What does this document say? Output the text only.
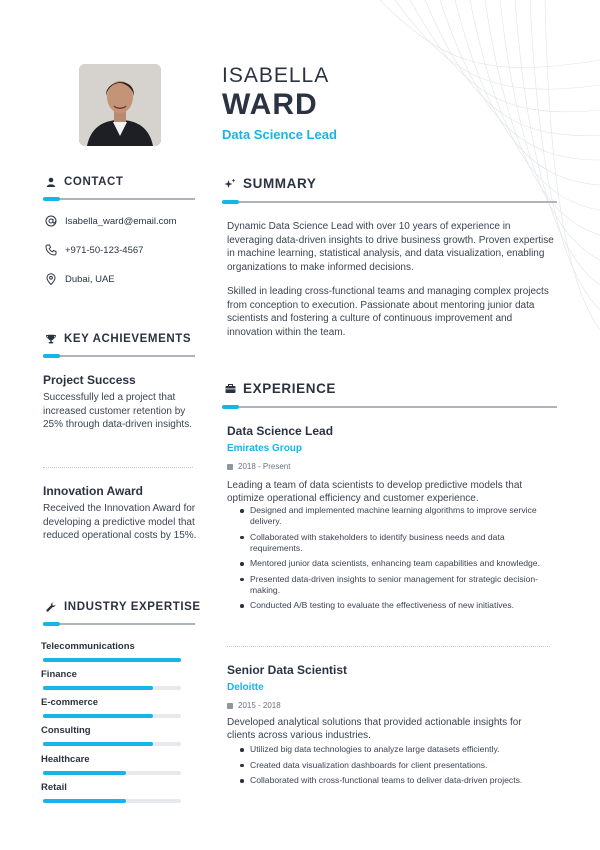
ISABELLA
WARD
Data Science Lead
CONTACT
Isabella_ward@email.com
+971-50-123-4567
Dubai, UAE
KEY ACHIEVEMENTS
Project Success
Successfully led a project that increased customer retention by 25% through data-driven insights.
Innovation Award
Received the Innovation Award for developing a predictive model that reduced operational costs by 15%.
INDUSTRY EXPERTISE
Telecommunications
Finance
E-commerce
Consulting
Healthcare
Retail
SUMMARY
Dynamic Data Science Lead with over 10 years of experience in leveraging data-driven insights to drive business growth. Proven expertise in machine learning, statistical analysis, and data visualization, enabling organizations to make informed decisions.
Skilled in leading cross-functional teams and managing complex projects from conception to execution. Passionate about mentoring junior data scientists and fostering a culture of continuous improvement and innovation within the team.
EXPERIENCE
Data Science Lead
Emirates Group
2018 - Present
Leading a team of data scientists to develop predictive models that optimize operational efficiency and customer experience.
Designed and implemented machine learning algorithms to improve service delivery.
Collaborated with stakeholders to identify business needs and data requirements.
Mentored junior data scientists, enhancing team capabilities and knowledge.
Presented data-driven insights to senior management for strategic decision-making.
Conducted A/B testing to evaluate the effectiveness of new initiatives.
Senior Data Scientist
Deloitte
2015 - 2018
Developed analytical solutions that provided actionable insights for clients across various industries.
Utilized big data technologies to analyze large datasets efficiently.
Created data visualization dashboards for client presentations.
Collaborated with cross-functional teams to deliver data-driven projects.
